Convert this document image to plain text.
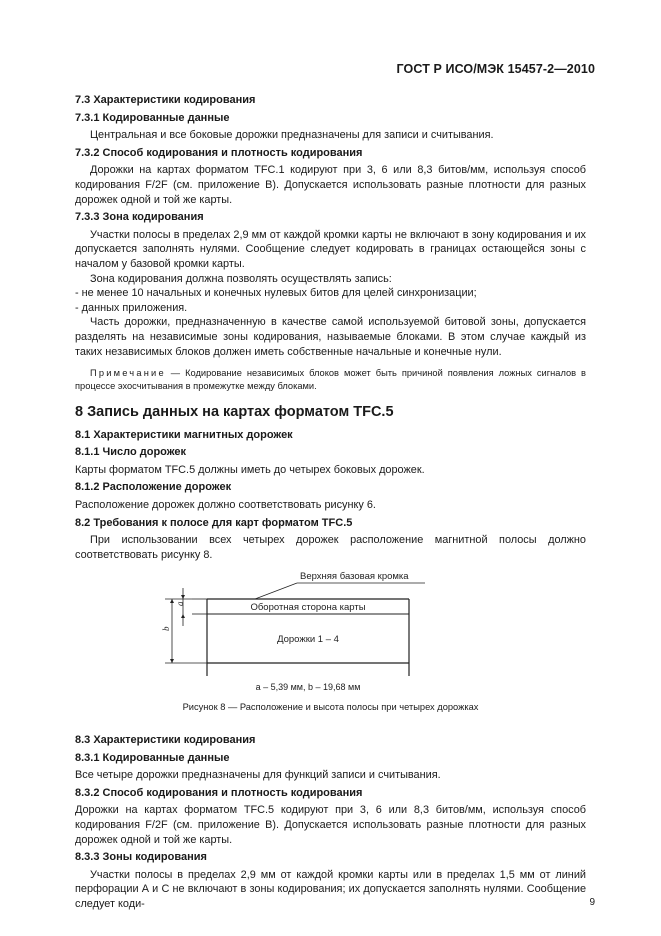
ГОСТ Р ИСО/МЭК 15457-2—2010
7.3 Характеристики кодирования
7.3.1 Кодированные данные

Центральная и все боковые дорожки предназначены для записи и считывания.

7.3.2 Способ кодирования и плотность кодирования

Дорожки на картах форматом TFC.1 кодируют при 3, 6 или 8,3 битов/мм, используя способ кодирования F/2F (см. приложение В). Допускается использовать разные плотности для разных дорожек одной и той же карты.

7.3.3 Зона кодирования

Участки полосы в пределах 2,9 мм от каждой кромки карты не включают в зону кодирования и их допускается заполнять нулями. Сообщение следует кодировать в границах остающейся зоны с началом у базовой кромки карты.

Зона кодирования должна позволять осуществлять запись:

- не менее 10 начальных и конечных нулевых битов для целей синхронизации;

- данных приложения.

Часть дорожки, предназначенную в качестве самой используемой битовой зоны, допускается разделять на независимые зоны кодирования, называемые блоками. В этом случае каждый из таких независимых блоков должен иметь собственные начальные и конечные нули.

Примечание — Кодирование независимых блоков может быть причиной появления ложных сигналов в процессе эхосчитывания в промежутке между блоками.

8 Запись данных на картах форматом TFC.5
8.1 Характеристики магнитных дорожек
8.1.1 Число дорожек

Карты форматом TFC.5 должны иметь до четырех боковых дорожек.

8.1.2 Расположение дорожек

Расположение дорожек должно соответствовать рисунку 6.

8.2 Требования к полосе для карт форматом TFC.5

При использовании всех четырех дорожек расположение магнитной полосы должно соответствовать рисунку 8.

Верхняя базовая кромка
a
b
Оборотная сторона карты
Дорожки 1 – 4
a – 5,39 мм, b – 19,68 мм
Рисунок 8 — Расположение и высота полосы при четырех дорожках
8.3 Характеристики кодирования
8.3.1 Кодированные данные

Все четыре дорожки предназначены для функций записи и считывания.

8.3.2 Способ кодирования и плотность кодирования

Дорожки на картах форматом TFC.5 кодируют при 3, 6 или 8,3 битов/мм, используя способ кодирования F/2F (см. приложение В). Допускается использовать разные плотности для разных дорожек одной и той же карты.

8.3.3 Зоны кодирования

Участки полосы в пределах 2,9 мм от каждой кромки карты или в пределах 1,5 мм от линий перфорации А и С не включают в зоны кодирования; их допускается заполнять нулями. Сообщение следует коди-	9
